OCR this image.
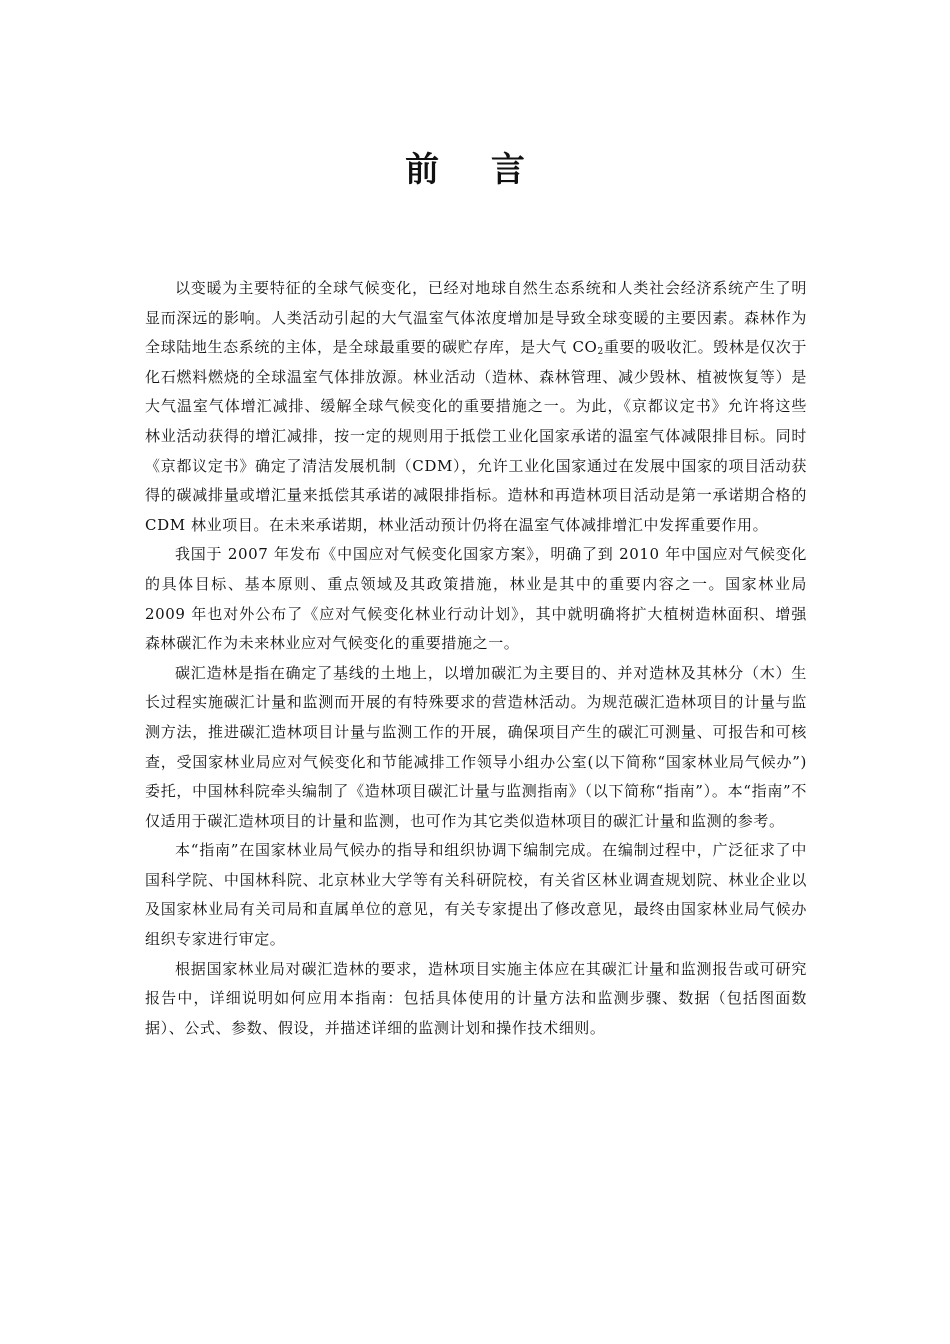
前 言

以变暖为主要特征的全球气候变化，已经对地球自然生态系统和人类社会经济系统产生了明显而深远的影响。人类活动引起的大气温室气体浓度增加是导致全球变暖的主要因素。森林作为全球陆地生态系统的主体，是全球最重要的碳贮存库，是大气 $CO_2$重要的吸收汇。毁林是仅次于化石燃料燃烧的全球温室气体排放源。林业活动（造林、森林管理、减少毁林、植被恢复等）是大气温室气体增汇减排、缓解全球气候变化的重要措施之一。为此，《京都议定书》允许将这些林业活动获得的增汇减排，按一定的规则用于抵偿工业化国家承诺的温室气体减限排目标。同时《京都议定书》确定了清洁发展机制（CDM），允许工业化国家通过在发展中国家的项目活动获得的碳减排量或增汇量来抵偿其承诺的减限排指标。造林和再造林项目活动是第一承诺期合格的 CDM 林业项目。在未来承诺期，林业活动预计仍将在温室气体减排增汇中发挥重要作用。

我国于 2007 年发布《中国应对气候变化国家方案》，明确了到 2010 年中国应对气候变化的具体目标、基本原则、重点领域及其政策措施，林业是其中的重要内容之一。国家林业局 2009 年也对外公布了《应对气候变化林业行动计划》，其中就明确将扩大植树造林面积、增强森林碳汇作为未来林业应对气候变化的重要措施之一。

碳汇造林是指在确定了基线的土地上，以增加碳汇为主要目的、并对造林及其林分（木）生长过程实施碳汇计量和监测而开展的有特殊要求的营造林活动。为规范碳汇造林项目的计量与监测方法，推进碳汇造林项目计量与监测工作的开展，确保项目产生的碳汇可测量、可报告和可核查，受国家林业局应对气候变化和节能减排工作领导小组办公室(以下简称“国家林业局气候办”)委托，中国林科院牵头编制了《造林项目碳汇计量与监测指南》（以下简称“指南”）。本“指南”不仅适用于碳汇造林项目的计量和监测，也可作为其它类似造林项目的碳汇计量和监测的参考。

本“指南”在国家林业局气候办的指导和组织协调下编制完成。在编制过程中，广泛征求了中国科学院、中国林科院、北京林业大学等有关科研院校，有关省区林业调查规划院、林业企业以及国家林业局有关司局和直属单位的意见，有关专家提出了修改意见，最终由国家林业局气候办组织专家进行审定。

根据国家林业局对碳汇造林的要求，造林项目实施主体应在其碳汇计量和监测报告或可研究报告中，详细说明如何应用本指南：包括具体使用的计量方法和监测步骤、数据（包括图面数据）、公式、参数、假设，并描述详细的监测计划和操作技术细则。
